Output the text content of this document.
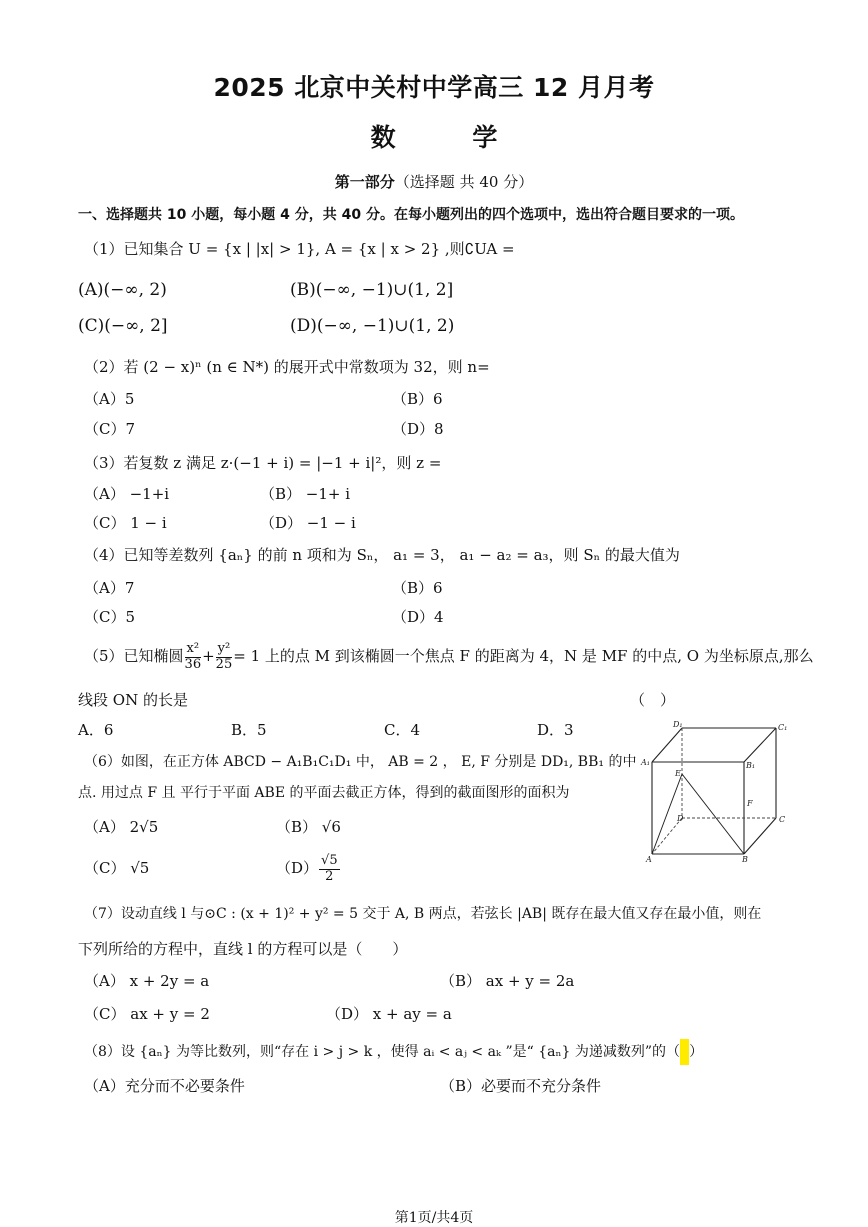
2025 北京中关村中学高三 12 月月考
数 学
第一部分（选择题 共 40 分）
一、选择题共 10 小题，每小题 4 分，共 40 分。在每小题列出的四个选项中，选出符合题目要求的一项。
（1）已知集合 U = {x | |x| > 1}, A = {x | x > 2} ,则∁UA =
(A)(−∞, 2)	(B)(−∞, −1)∪(1, 2]
(C)(−∞, 2]	(D)(−∞, −1)∪(1, 2)
（2）若 (2 − x)ⁿ (n ∈ N*) 的展开式中常数项为 32，则 n=
（A）5	（B）6
（C）7	（D）8
（3）若复数 z 满足 z·(−1 + i) = |−1 + i|²，则 z =
（A） −1+i	（B） −1+ i
（C） 1 − i	（D） −1 − i
（4）已知等差数列 {aₙ} 的前 n 项和为 Sₙ， a₁ = 3， a₁ − a₂ = a₃，则 Sₙ 的最大值为
（A）7	（B）6
（C）5	（D）4
（5）已知椭圆 $\frac{\text{x²}}{36} + \frac{\text{y²}}{25} = 1$ 上的点 M 到该椭圆一个焦点 F 的距离为 4，N 是 MF 的中点, O 为坐标原点,那么
线段 ON 的长是	（　）
A．6	B．5	C．4	D．3
（6）如图，在正方体 ABCD − A₁B₁C₁D₁ 中， AB = 2 ， E, F 分别是 DD₁, BB₁ 的中
点. 用过点 F 且 平行于平面 ABE 的平面去截正方体，得到的截面图形的面积为
（A） 2√5	（B） √6
（C） √5	$(D) \frac{√5}{2}$
D₁	C₁
A₁	B₁
E
F
D	C
A	B
（7）设动直线 l 与⊙C : (x + 1)² + y² = 5 交于 A, B 两点，若弦长 |AB| 既存在最大值又存在最小值，则在
下列所给的方程中，直线 l 的方程可以是（　　）
（A） x + 2y = a	（B） ax + y = 2a
（C） ax + y = 2	（D） x + ay = a
（8）设 {aₙ} 为等比数列，则“存在 i > j > k ，使得 aᵢ < aⱼ < aₖ ”是“ {aₙ} 为递减数列”的（ ）
（A）充分而不必要条件	（B）必要而不充分条件
第1页/共4页
